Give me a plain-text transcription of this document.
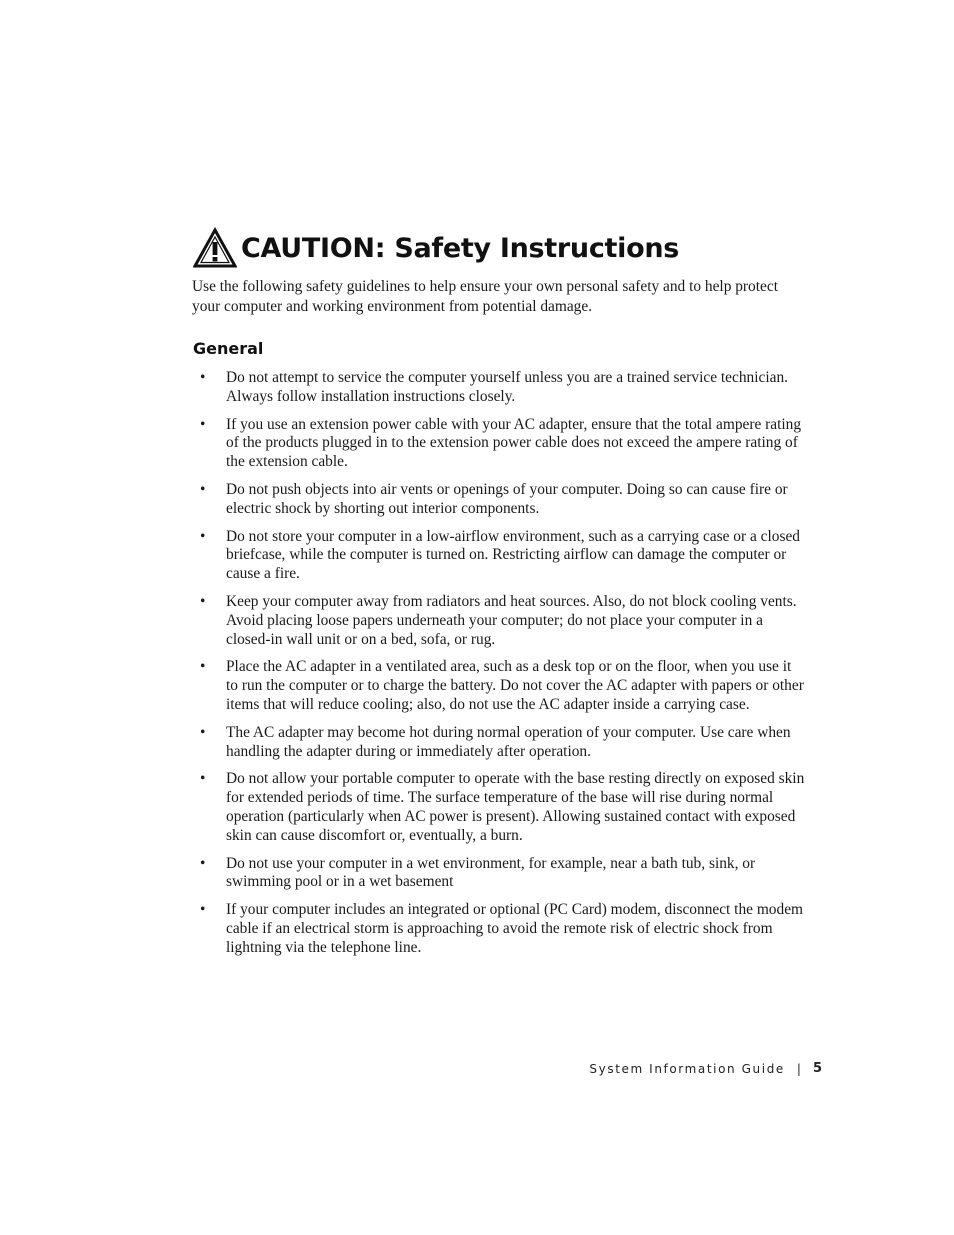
CAUTION: Safety Instructions

Use the following safety guidelines to help ensure your own personal safety and to help protect your computer and working environment from potential damage.

General
•	Do not attempt to service the computer yourself unless you are a trained service technician. Always follow installation instructions closely.
•	If you use an extension power cable with your AC adapter, ensure that the total ampere rating of the products plugged in to the extension power cable does not exceed the ampere rating of the extension cable.
•	Do not push objects into air vents or openings of your computer. Doing so can cause fire or electric shock by shorting out interior components.
•	Do not store your computer in a low-airflow environment, such as a carrying case or a closed briefcase, while the computer is turned on. Restricting airflow can damage the computer or cause a fire.
•	Keep your computer away from radiators and heat sources. Also, do not block cooling vents. Avoid placing loose papers underneath your computer; do not place your computer in a closed-in wall unit or on a bed, sofa, or rug.
•	Place the AC adapter in a ventilated area, such as a desk top or on the floor, when you use it to run the computer or to charge the battery. Do not cover the AC adapter with papers or other items that will reduce cooling; also, do not use the AC adapter inside a carrying case.
•	The AC adapter may become hot during normal operation of your computer. Use care when handling the adapter during or immediately after operation.
•	Do not allow your portable computer to operate with the base resting directly on exposed skin for extended periods of time. The surface temperature of the base will rise during normal operation (particularly when AC power is present). Allowing sustained contact with exposed skin can cause discomfort or, eventually, a burn.
•	Do not use your computer in a wet environment, for example, near a bath tub, sink, or swimming pool or in a wet basement
•	If your computer includes an integrated or optional (PC Card) modem, disconnect the modem cable if an electrical storm is approaching to avoid the remote risk of electric shock from lightning via the telephone line.
System Information Guide | 5
